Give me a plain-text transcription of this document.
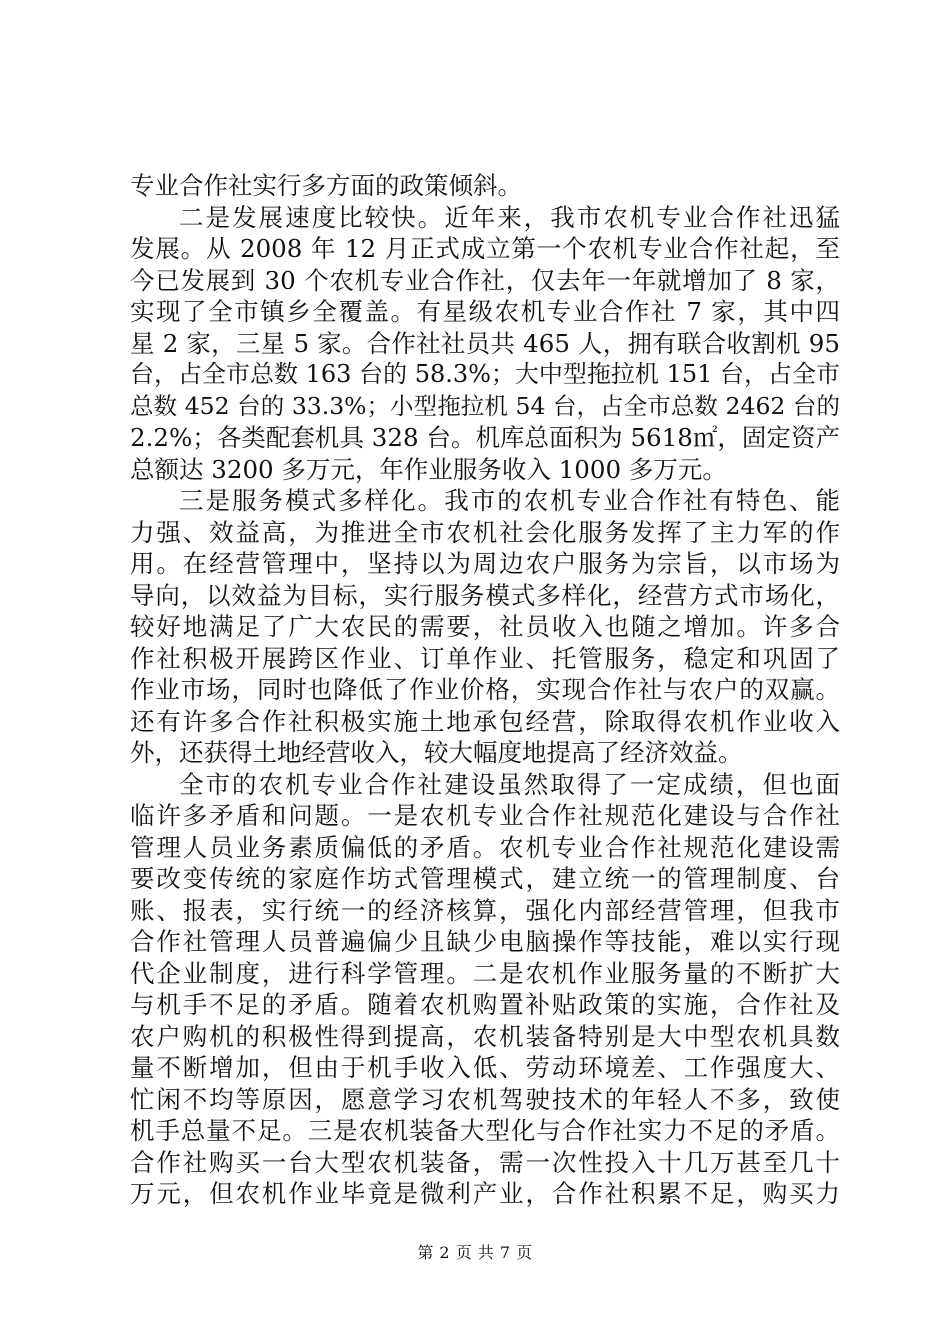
专业合作社实行多方面的政策倾斜。
二是发展速度比较快。近年来，我市农机专业合作社迅猛
发展。从 2008 年 12 月正式成立第一个农机专业合作社起，至
今已发展到 30 个农机专业合作社，仅去年一年就增加了 8 家，
实现了全市镇乡全覆盖。有星级农机专业合作社 7 家，其中四
星 2 家，三星 5 家。合作社社员共 465 人，拥有联合收割机 95
台，占全市总数 163 台的 58.3%；大中型拖拉机 151 台，占全市
总数 452 台的 33.3%；小型拖拉机 54 台，占全市总数 2462 台的
2.2%；各类配套机具 328 台。机库总面积为 5618㎡，固定资产
总额达 3200 多万元，年作业服务收入 1000 多万元。
三是服务模式多样化。我市的农机专业合作社有特色、能
力强、效益高，为推进全市农机社会化服务发挥了主力军的作
用。在经营管理中，坚持以为周边农户服务为宗旨，以市场为
导向，以效益为目标，实行服务模式多样化，经营方式市场化，
较好地满足了广大农民的需要，社员收入也随之增加。许多合
作社积极开展跨区作业、订单作业、托管服务，稳定和巩固了
作业市场，同时也降低了作业价格，实现合作社与农户的双赢。
还有许多合作社积极实施土地承包经营，除取得农机作业收入
外，还获得土地经营收入，较大幅度地提高了经济效益。
全市的农机专业合作社建设虽然取得了一定成绩，但也面
临许多矛盾和问题。一是农机专业合作社规范化建设与合作社
管理人员业务素质偏低的矛盾。农机专业合作社规范化建设需
要改变传统的家庭作坊式管理模式，建立统一的管理制度、台
账、报表，实行统一的经济核算，强化内部经营管理，但我市
合作社管理人员普遍偏少且缺少电脑操作等技能，难以实行现
代企业制度，进行科学管理。二是农机作业服务量的不断扩大
与机手不足的矛盾。随着农机购置补贴政策的实施，合作社及
农户购机的积极性得到提高，农机装备特别是大中型农机具数
量不断增加，但由于机手收入低、劳动环境差、工作强度大、
忙闲不均等原因，愿意学习农机驾驶技术的年轻人不多，致使
机手总量不足。三是农机装备大型化与合作社实力不足的矛盾。
合作社购买一台大型农机装备，需一次性投入十几万甚至几十
万元，但农机作业毕竟是微利产业，合作社积累不足，购买力
第 2 页 共 7 页
